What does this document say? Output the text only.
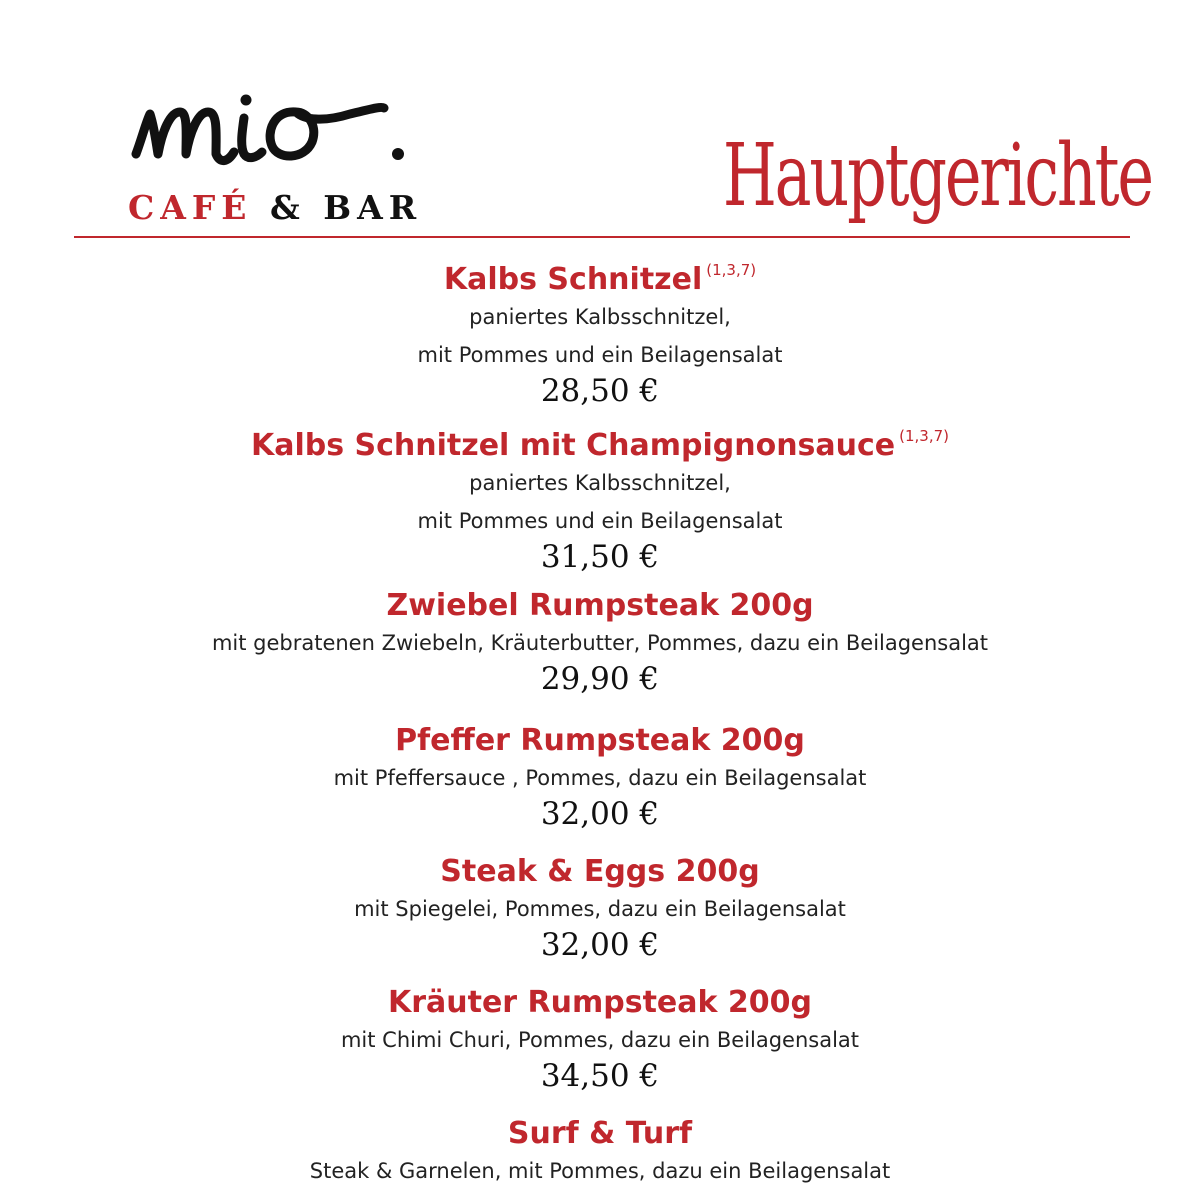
CAFÉ & BAR	Hauptgerichte
Kalbs Schnitzel $^{(1,3,7)}$
paniertes Kalbsschnitzel,
mit Pommes und ein Beilagensalat
28,50 €
Kalbs Schnitzel mit Champignonsauce $^{(1,3,7)}$
paniertes Kalbsschnitzel,
mit Pommes und ein Beilagensalat
31,50 €
Zwiebel Rumpsteak 200g
mit gebratenen Zwiebeln, Kräuterbutter, Pommes, dazu ein Beilagensalat
29,90 €
Pfeffer Rumpsteak 200g
mit Pfeffersauce , Pommes, dazu ein Beilagensalat
32,00 €
Steak & Eggs 200g
mit Spiegelei, Pommes, dazu ein Beilagensalat
32,00 €
Kräuter Rumpsteak 200g
mit Chimi Churi, Pommes, dazu ein Beilagensalat
34,50 €
Surf & Turf
Steak & Garnelen, mit Pommes, dazu ein Beilagensalat
